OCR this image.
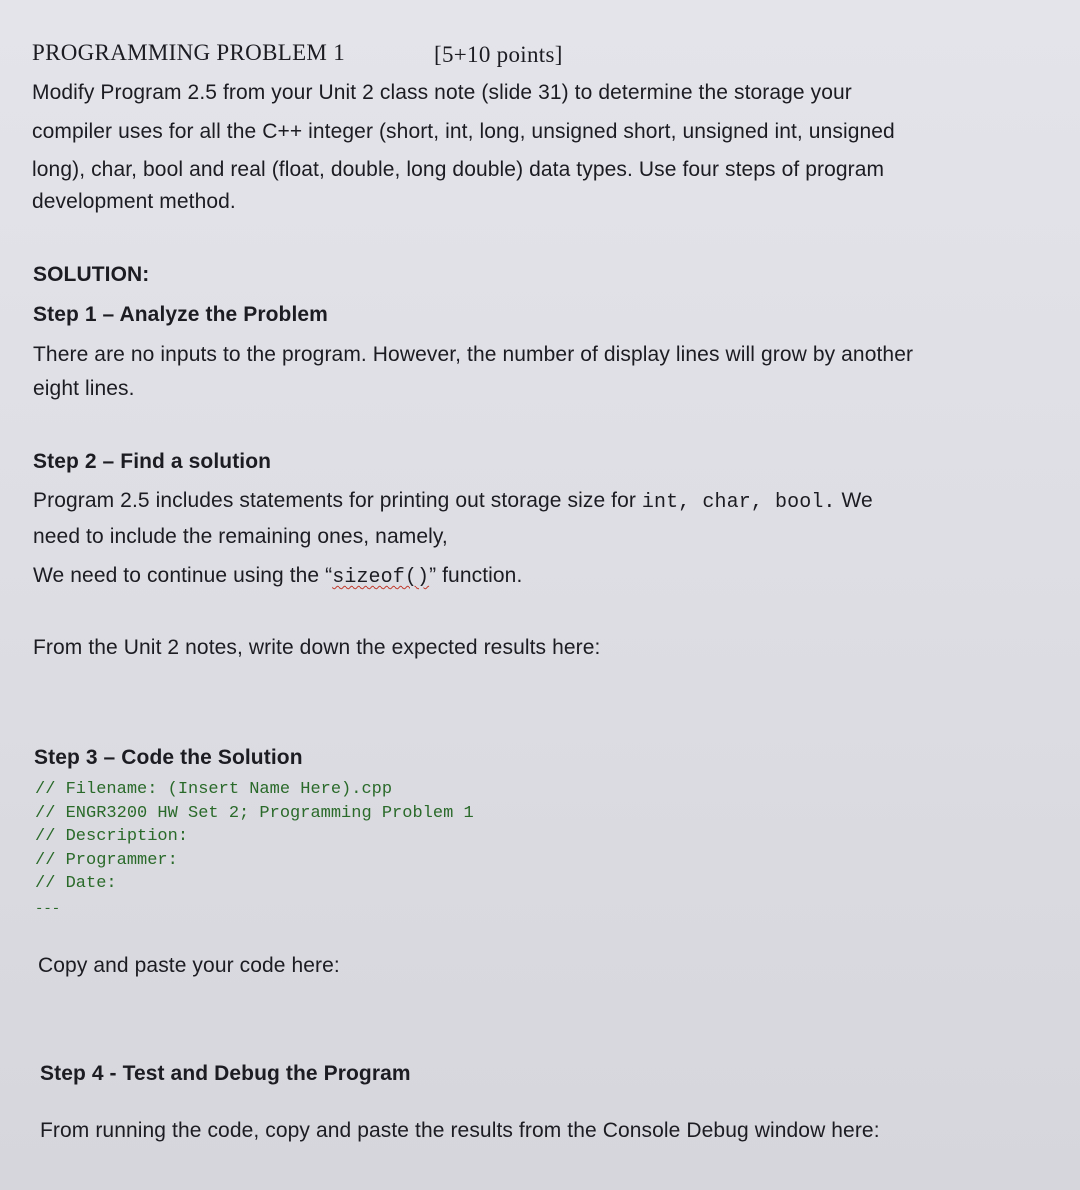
PROGRAMMING PROBLEM 1	[5+10 points]
Modify Program 2.5 from your Unit 2 class note (slide 31) to determine the storage your
compiler uses for all the C++ integer (short, int, long, unsigned short, unsigned int, unsigned
long), char, bool and real (float, double, long double) data types. Use four steps of program
development method.
SOLUTION:
Step 1 – Analyze the Problem
There are no inputs to the program. However, the number of display lines will grow by another
eight lines.
Step 2 – Find a solution
Program 2.5 includes statements for printing out storage size for int, char, bool. We
need to include the remaining ones, namely,
We need to continue using the “sizeof()” function.
From the Unit 2 notes, write down the expected results here:
Step 3 – Code the Solution
// Filename: (Insert Name Here).cpp
// ENGR3200 HW Set 2; Programming Problem 1
// Description:
// Programmer:
// Date:
---
Copy and paste your code here:
Step 4 - Test and Debug the Program
From running the code, copy and paste the results from the Console Debug window here:
